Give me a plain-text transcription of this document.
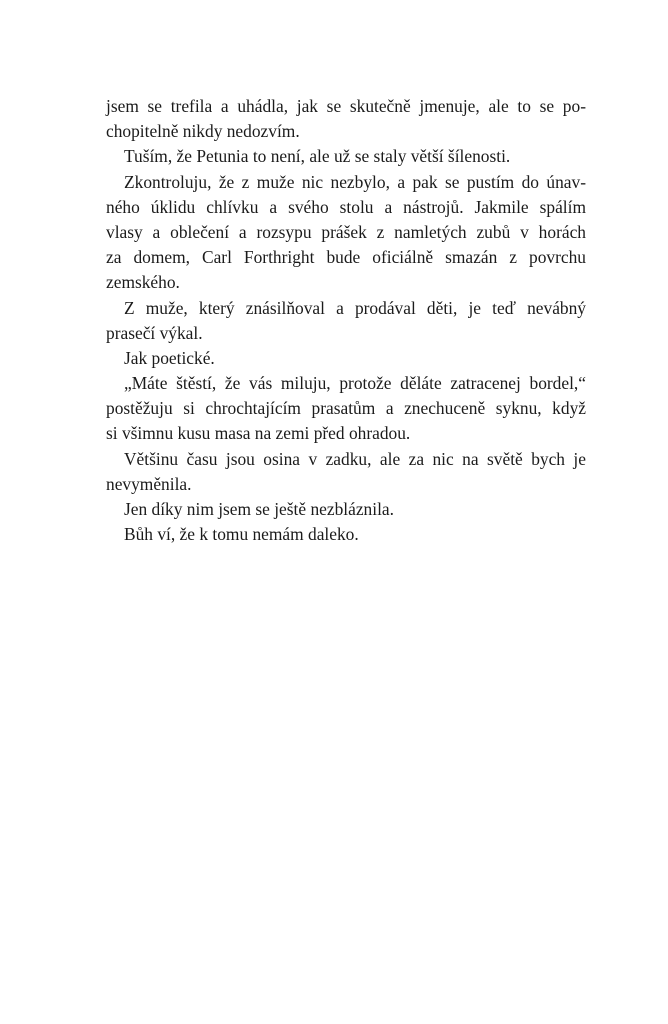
jsem se trefila a uhádla, jak se skutečně jmenuje, ale to se po-
chopitelně nikdy nedozvím.
Tuším, že Petunia to není, ale už se staly větší šílenosti.
Zkontroluju, že z muže nic nezbylo, a pak se pustím do únav-
ného úklidu chlívku a svého stolu a nástrojů. Jakmile spálím
vlasy a oblečení a rozsypu prášek z namletých zubů v horách
za domem, Carl Forthright bude oficiálně smazán z povrchu
zemského.
Z muže, který znásilňoval a prodával děti, je teď nevábný
prasečí výkal.
Jak poetické.
„Máte štěstí, že vás miluju, protože děláte zatracenej bordel,“
postěžuju si chrochtajícím prasatům a znechuceně syknu, když
si všimnu kusu masa na zemi před ohradou.
Většinu času jsou osina v zadku, ale za nic na světě bych je
nevyměnila.
Jen díky nim jsem se ještě nezbláznila.
Bůh ví, že k tomu nemám daleko.
